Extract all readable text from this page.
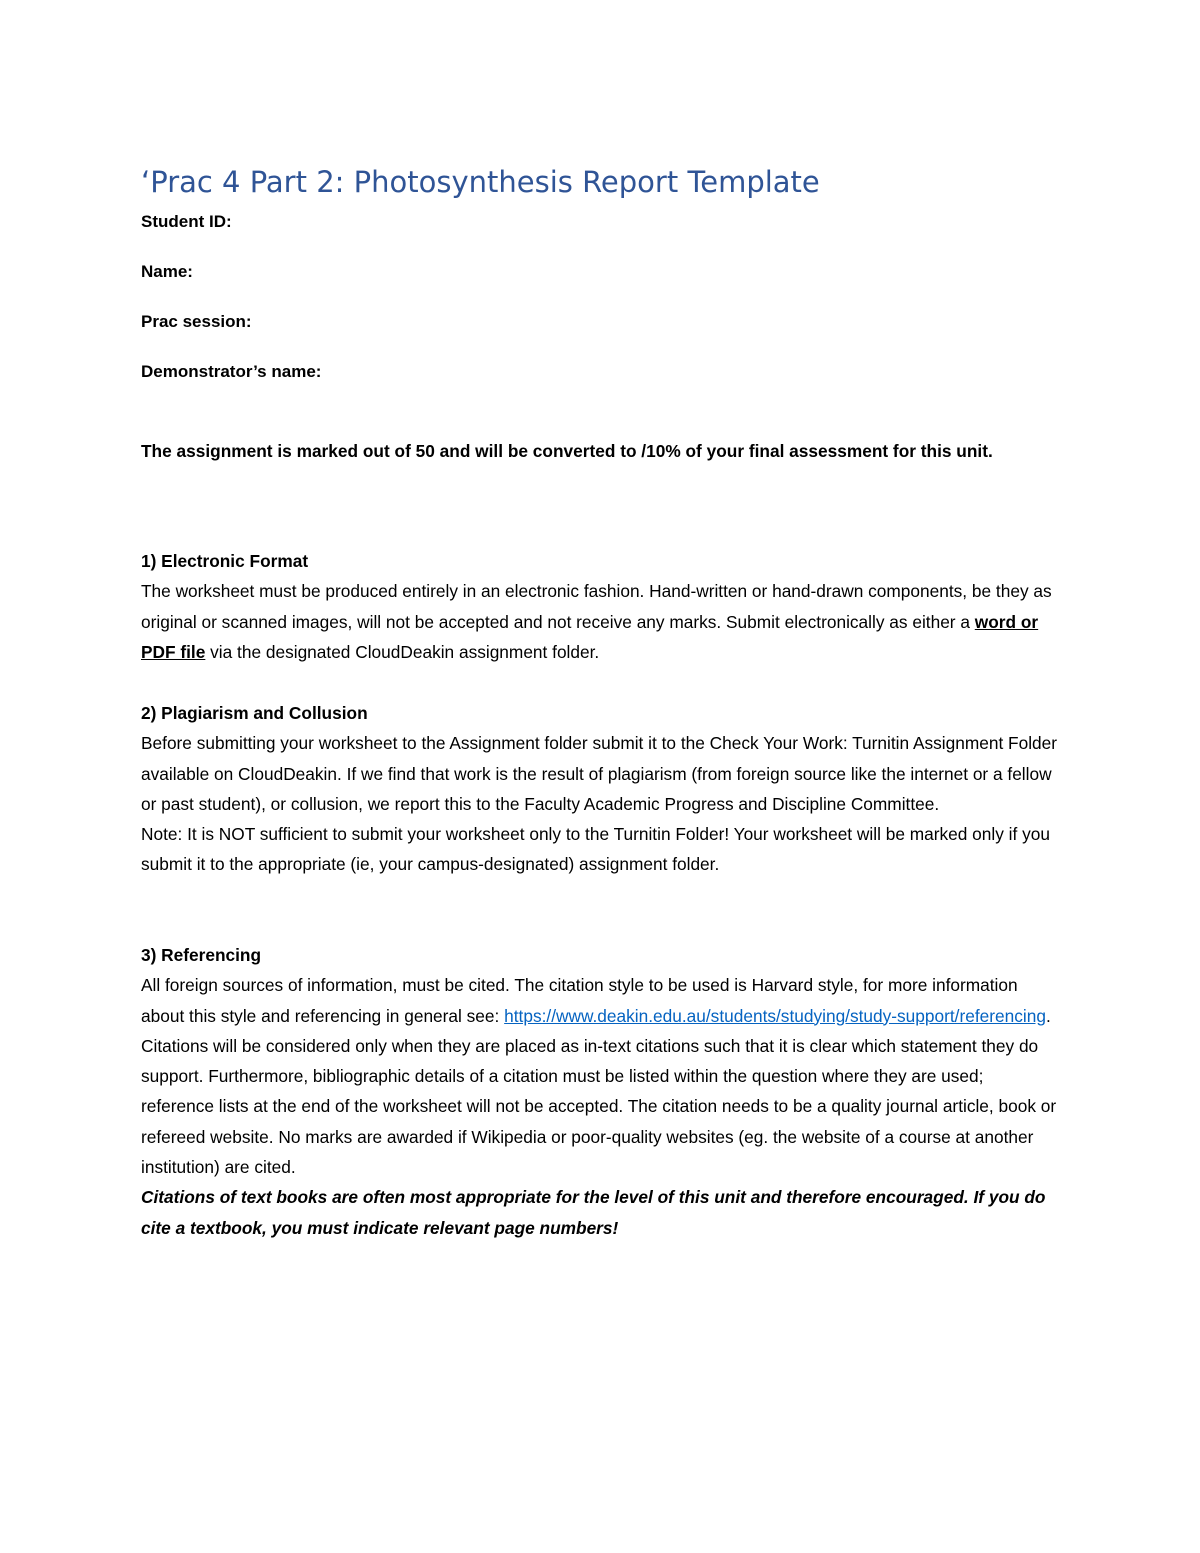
‘Prac 4 Part 2: Photosynthesis Report Template

Student ID:

Name:

Prac session:

Demonstrator’s name:

The assignment is marked out of 50 and will be converted to /10% of your final assessment for this unit.

1) Electronic Format

The worksheet must be produced entirely in an electronic fashion. Hand-written or hand-drawn components, be they as original or scanned images, will not be accepted and not receive any marks. Submit electronically as either a word or PDF file via the designated CloudDeakin assignment folder.

2) Plagiarism and Collusion

Before submitting your worksheet to the Assignment folder submit it to the Check Your Work: Turnitin Assignment Folder available on CloudDeakin. If we find that work is the result of plagiarism (from foreign source like the internet or a fellow or past student), or collusion, we report this to the Faculty Academic Progress and Discipline Committee.

Note: It is NOT sufficient to submit your worksheet only to the Turnitin Folder! Your worksheet will be marked only if you submit it to the appropriate (ie, your campus-designated) assignment folder.

3) Referencing

All foreign sources of information, must be cited. The citation style to be used is Harvard style, for more information about this style and referencing in general see: https://www.deakin.edu.au/students/studying/study-support/referencing. Citations will be considered only when they are placed as in-text citations such that it is clear which statement they do support. Furthermore, bibliographic details of a citation must be listed within the question where they are used; reference lists at the end of the worksheet will not be accepted. The citation needs to be a quality journal article, book or refereed website. No marks are awarded if Wikipedia or poor-quality websites (eg. the website of a course at another institution) are cited.

Citations of text books are often most appropriate for the level of this unit and therefore encouraged. If you do cite a textbook, you must indicate relevant page numbers!
